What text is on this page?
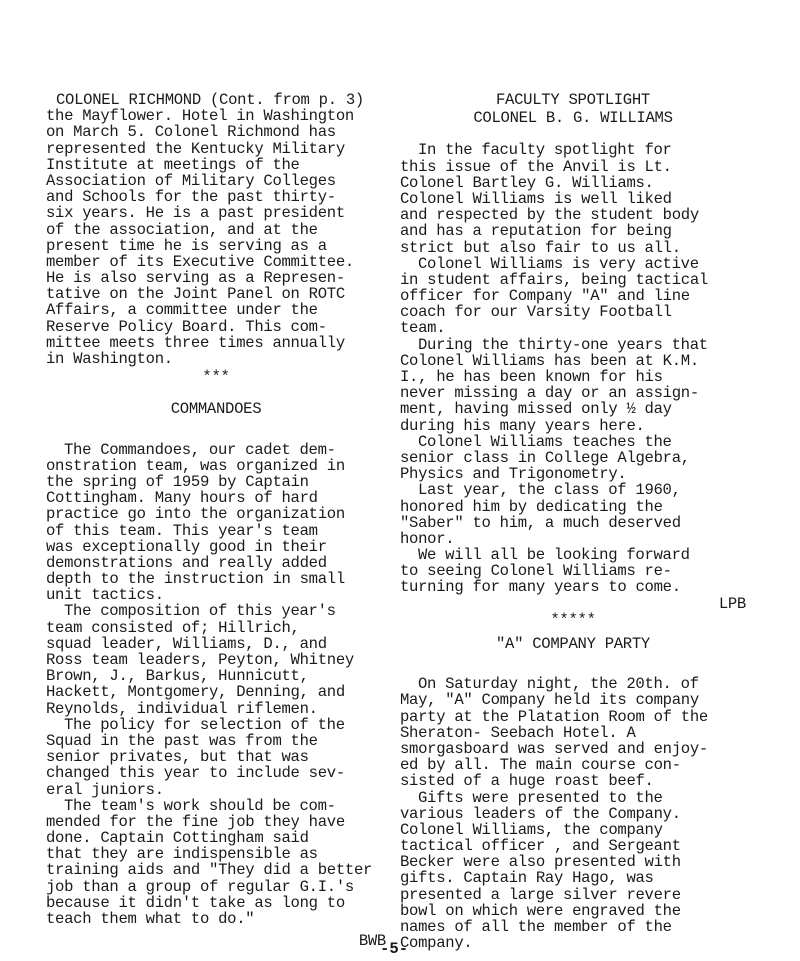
COLONEL RICHMOND (Cont. from p. 3)
the Mayflower. Hotel in Washington
on March 5. Colonel Richmond has
represented the Kentucky Military
Institute at meetings of the
Association of Military Colleges
and Schools for the past thirty-
six years. He is a past president
of the association, and at the
present time he is serving as a
member of its Executive Committee.
He is also serving as a Represen-
tative on the Joint Panel on ROTC
Affairs, a committee under the
Reserve Policy Board. This com-
mittee meets three times annually
in Washington.
***
COMMANDOES
The Commandoes, our cadet dem-
onstration team, was organized in
the spring of 1959 by Captain
Cottingham. Many hours of hard
practice go into the organization
of this team. This year's team
was exceptionally good in their
demonstrations and really added
depth to the instruction in small
unit tactics.
The composition of this year's
team consisted of; Hillrich,
squad leader, Williams, D., and
Ross team leaders, Peyton, Whitney
Brown, J., Barkus, Hunnicutt,
Hackett, Montgomery, Denning, and
Reynolds, individual riflemen.
The policy for selection of the
Squad in the past was from the
senior privates, but that was
changed this year to include sev-
eral juniors.
The team's work should be com-
mended for the fine job they have
done. Captain Cottingham said
that they are indispensible as
training aids and "They did a better
job than a group of regular G.I.'s
because it didn't take as long to
teach them what to do."
BWB
FACULTY SPOTLIGHT
COLONEL B. G. WILLIAMS
In the faculty spotlight for
this issue of the Anvil is Lt.
Colonel Bartley G. Williams.
Colonel Williams is well liked
and respected by the student body
and has a reputation for being
strict but also fair to us all.
Colonel Williams is very active
in student affairs, being tactical
officer for Company "A" and line
coach for our Varsity Football
team.
During the thirty-one years that
Colonel Williams has been at K.M.
I., he has been known for his
never missing a day or an assign-
ment, having missed only ½ day
during his many years here.
Colonel Williams teaches the
senior class in College Algebra,
Physics and Trigonometry.
Last year, the class of 1960,
honored him by dedicating the
"Saber" to him, a much deserved
honor.
We will all be looking forward
to seeing Colonel Williams re-
turning for many years to come.
LPB
*****
"A" COMPANY PARTY
On Saturday night, the 20th. of
May, "A" Company held its company
party at the Platation Room of the
Sheraton- Seebach Hotel. A
smorgasboard was served and enjoy-
ed by all. The main course con-
sisted of a huge roast beef.
Gifts were presented to the
various leaders of the Company.
Colonel Williams, the company
tactical officer , and Sergeant
Becker were also presented with
gifts. Captain Ray Hago, was
presented a large silver revere
bowl on which were engraved the
names of all the member of the
Company.
-5-
